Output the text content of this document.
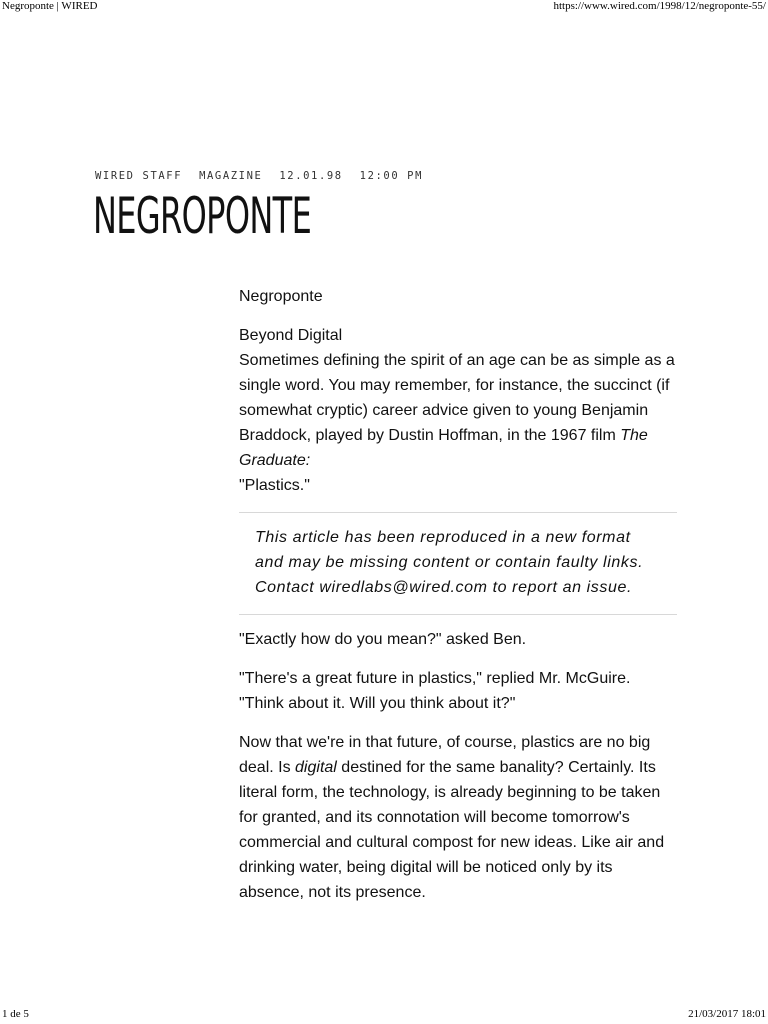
Negroponte | WIRED	https://www.wired.com/1998/12/negroponte-55/
WIRED STAFF MAGAZINE 12.01.98 12:00 PM
NEGROPONTE

Negroponte

Beyond Digital

Sometimes defining the spirit of an age can be as simple as a single word. You may remember, for instance, the succinct (if somewhat cryptic) career advice given to young Benjamin Braddock, played by Dustin Hoffman, in the 1967 film The Graduate:
"Plastics."

This article has been reproduced in a new format and may be missing content or contain faulty links. Contact wiredlabs@wired.com to report an issue.

"Exactly how do you mean?" asked Ben.

"There's a great future in plastics," replied Mr. McGuire. "Think about it. Will you think about it?"

Now that we're in that future, of course, plastics are no big deal. Is digital destined for the same banality? Certainly. Its literal form, the technology, is already beginning to be taken for granted, and its connotation will become tomorrow's commercial and cultural compost for new ideas. Like air and drinking water, being digital will be noticed only by its absence, not its presence.

1 de 5	21/03/2017 18:01
